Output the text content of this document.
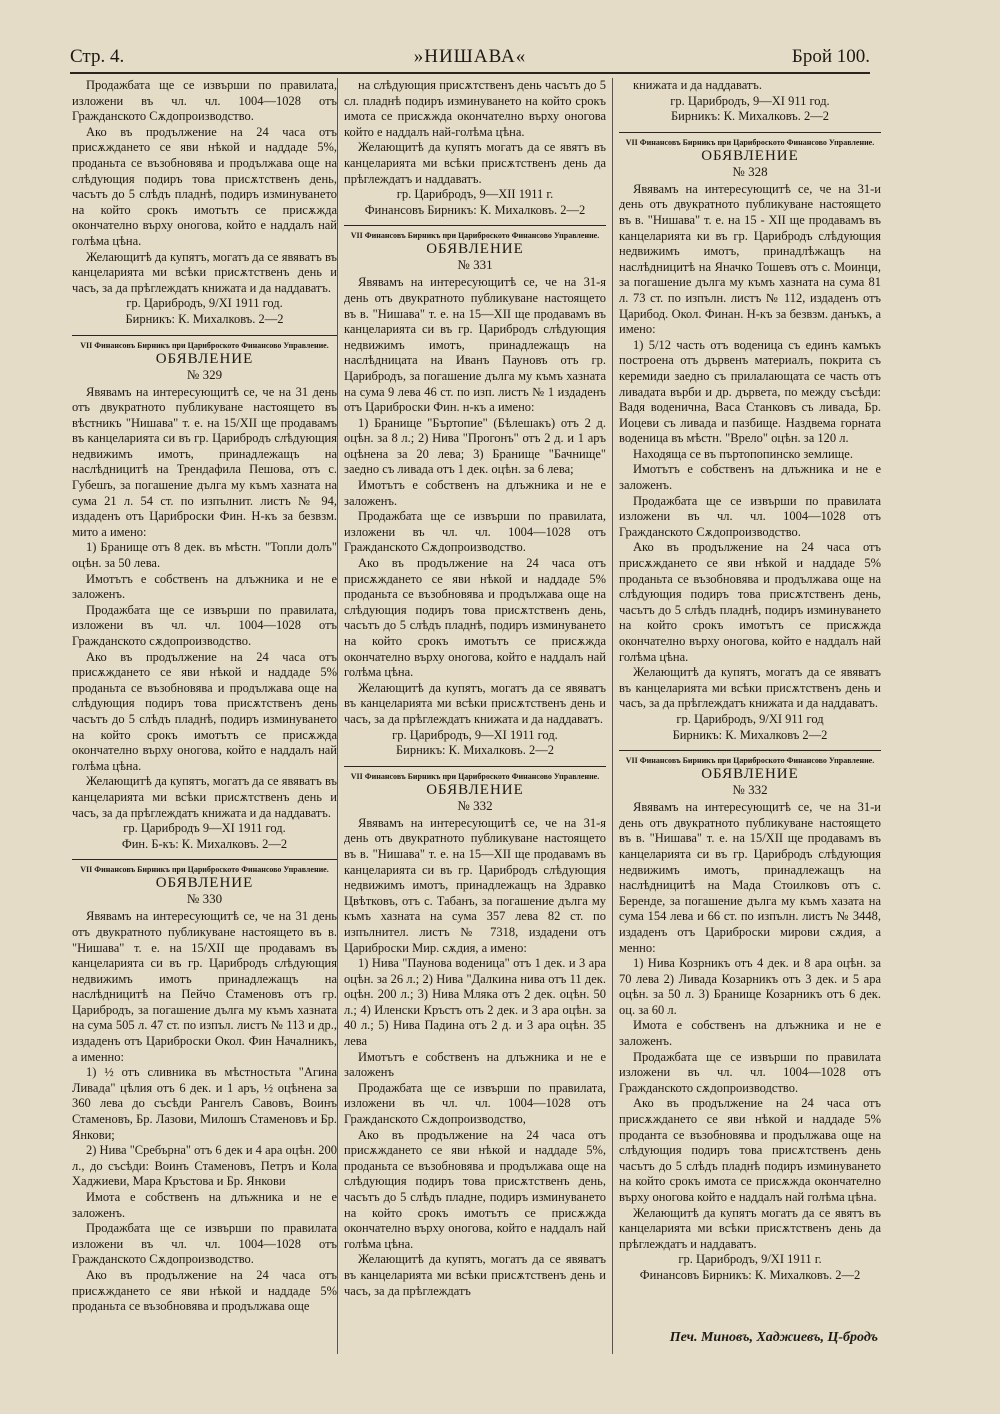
Стр. 4.	»НИШАВА«	Брой 100.

Продажбата ще се извърши по правилата, изложени въ чл. чл. 1004—1028 отъ Гражданското Сѫдопроизводство.

Ако въ продължение на 24 часа отъ присѫжданeто се яви нѣкой и наддаде 5%, проданьта се възобновява и продължава още на слѣдующия подиръ това присѫтственъ день, часътъ до 5 слѣдъ пладнѣ, подиръ изминуването на който срокъ имотътъ се присѫжда окончателно върху оногова, който е наддалъ най голѣма цѣна.

Желающитѣ да купятъ, могатъ да се явяватъ въ канцеларията ми всѣки присѫтственъ день и часъ, за да прѣглеждатъ книжата и да наддаватъ.

гр. Царибродъ, 9/XI 1911 год.

Бирникъ: К. Михалковъ. 2—2

VII Финансовъ Бирникъ при Цариброското Финансово Управление.
ОБЯВЛЕНИЕ
№ 329

Явявамъ на интересующитѣ се, че на 31 день отъ двукратното публикуване настоящето въ вѣстникъ "Нишава" т. е. на 15/XII ще продавамъ въ канцеларията си въ гр. Царибродъ слѣдующия недвижимъ имотъ, принадлежащъ на наслѣдницитѣ на Трендафила Пешова, отъ с. Губешъ, за погашение дългa му къмъ хазната на сума 21 л. 54 ст. по изпълнит. листъ № 94, издаденъ отъ Цариброски Фин. Н-къ за безвзм. мито а имено:

1) Бранище отъ 8 дек. въ мѣстн. "Топли долъ" оцѣн. за 50 лева.

Имотътъ е собственъ на длъжника и не е заложенъ.

Продажбата ще се извърши по правилата, изложени въ чл. чл. 1004—1028 отъ Гражданското сѫдопроизводство.

Ако въ продължение на 24 часа отъ присѫжданeто се яви нѣкой и наддаде 5% проданьта се възобновява и продължава още на слѣдующия подиръ това присѫтственъ день часътъ до 5 слѣдъ пладнѣ, подиръ изминуването на който срокъ имотътъ се присѫжда окончателно върху оногова, който е наддалъ най голѣма цѣна.

Желающитѣ да купятъ, могатъ да се явяватъ въ канцеларията ми всѣки присѫтственъ день и часъ, за да прѣглеждатъ книжата и да наддаватъ.

гр. Царибродъ 9—XI 1911 год.

Фин. Б-къ: К. Михалковъ. 2—2

VII Финансовъ Бирникъ при Цариброското Финансово Управление.
ОБЯВЛЕНИЕ
№ 330

Явявамъ на интересующитѣ се, че на 31 день отъ двукратното публикуване настоящето въ в. "Нишава" т. е. на 15/XII ще продавамъ въ канцеларията си въ гр. Царибродъ слѣдующия недвижимъ имотъ принадлежащъ на наслѣдницитѣ на Пейчо Стаменовъ отъ гр. Царибродъ, за погашение дългa му къмъ хазната на сума 505 л. 47 ст. по изпъл. листъ № 113 и др., издаденъ отъ Цариброски Окол. Фин Началникъ, а именно:

1) ½ отъ сливника въ мѣстностьта "Агина Ливада" цѣлия отъ 6 дек. и 1 аръ, ½ оцѣнена за 360 лева до съсѣди Рангелъ Савовъ, Воинъ Стаменовъ, Бр. Лазови, Милошъ Стаменовъ и Бр. Янкови;

2) Нива "Сребърна" отъ 6 дек и 4 ара оцѣн. 200 л., до съсѣди: Воинъ Стаменовъ, Петръ и Кола Хаджиеви, Мара Кръстова и Бр. Янкови

Имота е собственъ на длъжника и не е заложенъ.

Продажбата ще се извърши по правилата изложени въ чл. чл. 1004—1028 отъ Гражданското Сѫдопроизводство.

Ако въ продължение на 24 часа отъ присѫжданeто се яви нѣкой и наддаде 5% проданьта се възобновява и продължава още

на слѣдующия присѫтственъ день часътъ до 5 сл. пладнѣ подиръ изминуването на който срокъ имота се присѫжда окончателно върху оногова който е наддалъ най-голѣма цѣна.

Желающитѣ да купятъ могатъ да се явятъ въ канцеларията ми всѣки присѫтственъ день да прѣглеждатъ и наддаватъ.

гр. Царибродъ, 9—XII 1911 г.

Финансовъ Бирникъ: К. Михалковъ. 2—2

VII Финансовъ Бирникъ при Цариброското Финансово Управление.
ОБЯВЛЕНИЕ
№ 331

Явявамъ на интересующитѣ се, че на 31-я день отъ двукратното публикуване настоящето въ в. "Нишава" т. е. на 15—XII ще продавамъ въ канцеларията си въ гр. Царибродъ слѣдующия недвижимъ имотъ, принадлежащъ на наслѣдницата на Иванъ Пауновъ отъ гр. Царибродъ, за погашение дългa му къмъ хазната на сума 9 лева 46 ст. по изп. листъ № 1 издаденъ отъ Цариброски Фин. н-къ а имено:

1) Бранище "Бъртопие" (Бѣлешакъ) отъ 2 д. оцѣн. за 8 л.; 2) Нива "Прогонъ" отъ 2 д. и 1 аръ оцѣнена за 20 лева; 3) Бранище "Бачнище" заедно съ ливада отъ 1 дек. оцѣн. за 6 лева;

Имотътъ е собственъ на длъжника и не е заложенъ.

Продажбата ще се извърши по правилата, изложени въ чл. чл. 1004—1028 отъ Гражданското Сѫдопроизводство.

Ако въ продължение на 24 часа отъ присѫжданeто се яви нѣкой и наддаде 5% проданьта се възобновява и продължава още на слѣдующия подиръ това присѫтственъ день, часътъ до 5 слѣдъ пладнѣ, подиръ изминуването на който срокъ имотътъ се присѫжда окончателно върху оногова, който е наддалъ най голѣма цѣна.

Желающитѣ да купятъ, могатъ да се явяватъ въ канцеларията ми всѣки присѫтственъ день и часъ, за да прѣглеждатъ книжата и да наддаватъ.

гр. Царибродъ, 9—XI 1911 год.

Бирникъ: К. Михалковъ. 2—2

VII Финансовъ Бирникъ при Цариброското Финансово Управление.
ОБЯВЛЕНИЕ
№ 332

Явявамъ на интересующитѣ се, че на 31-я день отъ двукратното публикуване настоящето въ в. "Нишава" т. е. на 15—XII ще продавамъ въ канцеларията си въ гр. Царибродъ слѣдующия недвижимъ имотъ, принадлежащъ на Здравко Цвѣтковъ, отъ с. Табанъ, за погашение дългa му къмъ хазната на сума 357 лева 82 ст. по изпълнител. листъ № 7318, издадени отъ Цариброски Мир. сѫдия, а имено:

1) Нива "Пауновa воденица" отъ 1 дек. и 3 ара оцѣн. за 26 л.; 2) Нива "Далкина нива отъ 11 дек. оцѣн. 200 л.; 3) Нива Мляка отъ 2 дек. оцѣн. 50 л.; 4) Иленски Кръстъ отъ 2 дек. и 3 ара оцѣн. за 40 л.; 5) Нива Падина отъ 2 д. и 3 ара оцѣн. 35 лева

Имотътъ е собственъ на длъжника и не е заложенъ

Продажбата ще се извърши по правилата, изложени въ чл. чл. 1004—1028 отъ Гражданското Сѫдопроизводство,

Ако въ продължение на 24 часа отъ присѫжданeто се яви нѣкой и наддаде 5%, проданьта се възобновява и продължава още на слѣдующия подиръ това присѫтственъ день, часътъ до 5 слѣдъ пладне, подиръ изминуването на който срокъ имотътъ се присѫжда окончателно върху оногова, който е наддалъ най голѣма цѣна.

Желающитѣ да купятъ, могатъ да се явяватъ въ канцеларията ми всѣки присѫтственъ день и часъ, за да прѣглеждатъ

книжата и да наддаватъ.

гр. Царибродъ, 9—XI 911 год.

Бирникъ: К. Михалковъ. 2—2

VII Финансовъ Бирникъ при Цариброското Финансово Управление.
ОБЯВЛЕНИЕ
№ 328

Явявамъ на интересующитѣ се, че на 31-и день отъ двукратното публикуване настоящето въ в. "Нишава" т. е. на 15 - XII ще продавамъ въ канцеларията ки въ гр. Царибродъ слѣдующия недвижимъ имотъ, принадлѣжащъ на наслѣдницитѣ на Яначко Тошевъ отъ с. Моинци, за погашение дългa му къмъ хазната на сума 81 л. 73 ст. по изпълн. листъ № 112, издаденъ отъ Царибод. Окол. Финан. Н-къ за безвзм. данъкъ, а имено:

1) 5/12 часть отъ воденица съ единъ камъкъ построена отъ дървенъ материалъ, покрита съ керемиди заедно съ прилалающата се часть отъ ливадата върби и др. дървета, по между съсѣди: Вадя воденична, Васа Станковъ съ ливада, Бр. Иоцеви съ ливада и пазбище. Наздвема горната воденица въ мѣстн. "Врело" оцѣн. за 120 л.

Находяща се въ пъртопопинско землище.

Имотътъ е собственъ на длъжника и не е заложенъ.

Продажбата ще се извърши по правилата изложени въ чл. чл. 1004—1028 отъ Гражданското Сѫдопроизводство.

Ако въ продължение на 24 часа отъ присѫжданeто се яви нѣкой и наддаде 5% проданьта се възобновява и продължава още на слѣдующия подиръ това присѫтственъ день, часътъ до 5 слѣдъ пладнѣ, подиръ изминуването на който срокъ имотътъ се присѫжда окончателно върху оногова, който е наддалъ най голѣма цѣна.

Желающитѣ да купятъ, могатъ да се явяватъ въ канцеларията ми всѣки присѫтственъ день и часъ, за да прѣглеждатъ книжата и да наддаватъ.

гр. Царибродъ, 9/XI 911 год

Бирникъ: К. Михалковъ 2—2

VII Финансовъ Бирникъ при Цариброското Финансово Управление.
ОБЯВЛЕНИЕ
№ 332

Явявамъ на интересующитѣ се, че на 31-и день отъ двукратното публикуване настоящето въ в. "Нишава" т. е. на 15/XII ще продавамъ въ канцеларията си въ гр. Царибродъ слѣдующия недвижимъ имотъ, принадлежащъ на наслѣдницитѣ на Мада Стоилковъ отъ с. Беренде, за погашение дългa му къмъ хазата на сума 154 лева и 66 ст. по изпълн. листъ № 3448, издаденъ отъ Цариброски мирови сѫдия, а менно:

1) Нива Козрникъ отъ 4 дек. и 8 ара оцѣн. за 70 лева 2) Ливада Козарникъ отъ 3 дек. и 5 ара оцѣн. за 50 л. 3) Бранище Козарникъ отъ 6 дек. оц. за 60 л.

Имота е собственъ на длъжника и не е заложенъ.

Продажбата ще се извърши по правилата изложени въ чл. чл. 1004—1028 отъ Гражданското сѫдопроизводство.

Ако въ продължение на 24 часа отъ присѫжданeто се яви нѣкой и наддаде 5% проданта се възобновява и продължава още на слѣдующия подиръ това присѫтственъ день часътъ до 5 слѣдъ пладнѣ подиръ изминуването на който срокъ имота се присѫжда окончателно върху оногова който е наддалъ най голѣма цѣна.

Желающитѣ да купятъ могатъ да се явятъ въ канцеларията ми всѣки присѫтственъ день да прѣглеждатъ и наддаватъ.

гр. Царибродъ, 9/XI 1911 г.

Финансовъ Бирникъ: К. Михалковъ. 2—2

Печ. Миновъ, Хаджиевъ, Ц-бродъ
